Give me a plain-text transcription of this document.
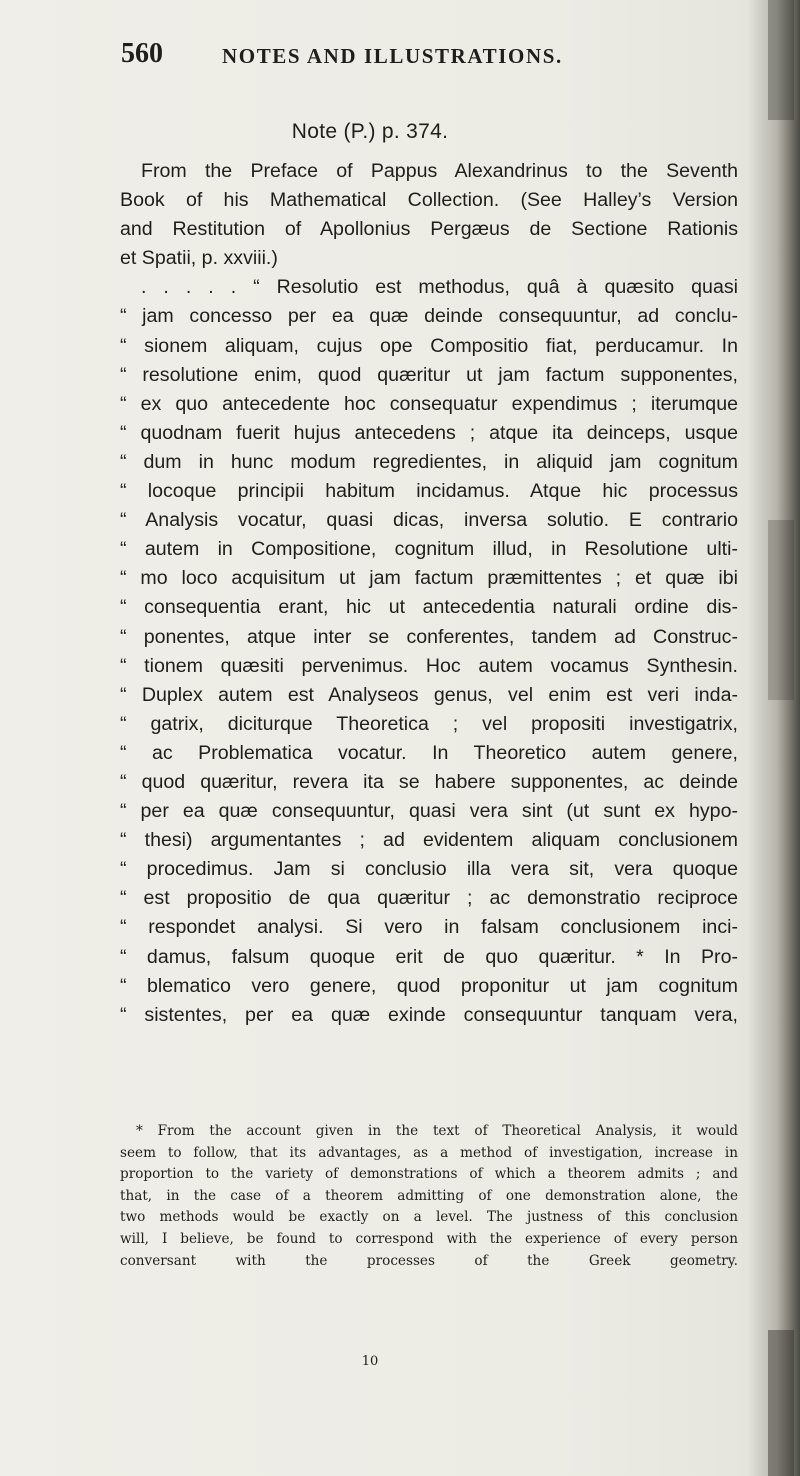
560	NOTES AND ILLUSTRATIONS.
Note (P.) p. 374.
From the Preface of Pappus Alexandrinus to the Seventh
Book of his Mathematical Collection. (See Halley’s Version
and Restitution of Apollonius Pergæus de Sectione Rationis
et Spatii, p. xxviii.)
. . . . . “ Resolutio est methodus, quâ à quæsito quasi
“ jam concesso per ea quæ deinde consequuntur, ad conclu-
“ sionem aliquam, cujus ope Compositio fiat, perducamur. In
“ resolutione enim, quod quæritur ut jam factum supponentes,
“ ex quo antecedente hoc consequatur expendimus ; iterumque
“ quodnam fuerit hujus antecedens ; atque ita deinceps, usque
“ dum in hunc modum regredientes, in aliquid jam cognitum
“ locoque principii habitum incidamus. Atque hic processus
“ Analysis vocatur, quasi dicas, inversa solutio. E contrario
“ autem in Compositione, cognitum illud, in Resolutione ulti-
“ mo loco acquisitum ut jam factum præmittentes ; et quæ ibi
“ consequentia erant, hic ut antecedentia naturali ordine dis-
“ ponentes, atque inter se conferentes, tandem ad Construc-
“ tionem quæsiti pervenimus. Hoc autem vocamus Synthesin.
“ Duplex autem est Analyseos genus, vel enim est veri inda-
“ gatrix, diciturque Theoretica ; vel propositi investigatrix,
“ ac Problematica vocatur. In Theoretico autem genere,
“ quod quæritur, revera ita se habere supponentes, ac deinde
“ per ea quæ consequuntur, quasi vera sint (ut sunt ex hypo-
“ thesi) argumentantes ; ad evidentem aliquam conclusionem
“ procedimus. Jam si conclusio illa vera sit, vera quoque
“ est propositio de qua quæritur ; ac demonstratio reciproce
“ respondet analysi. Si vero in falsam conclusionem inci-
“ damus, falsum quoque erit de quo quæritur. * In Pro-
“ blematico vero genere, quod proponitur ut jam cognitum
“ sistentes, per ea quæ exinde consequuntur tanquam vera,
* From the account given in the text of Theoretical Analysis, it would
seem to follow, that its advantages, as a method of investigation, increase in
proportion to the variety of demonstrations of which a theorem admits ; and
that, in the case of a theorem admitting of one demonstration alone, the
two methods would be exactly on a level. The justness of this conclusion
will, I believe, be found to correspond with the experience of every person
conversant with the processes of the Greek geometry.
10
